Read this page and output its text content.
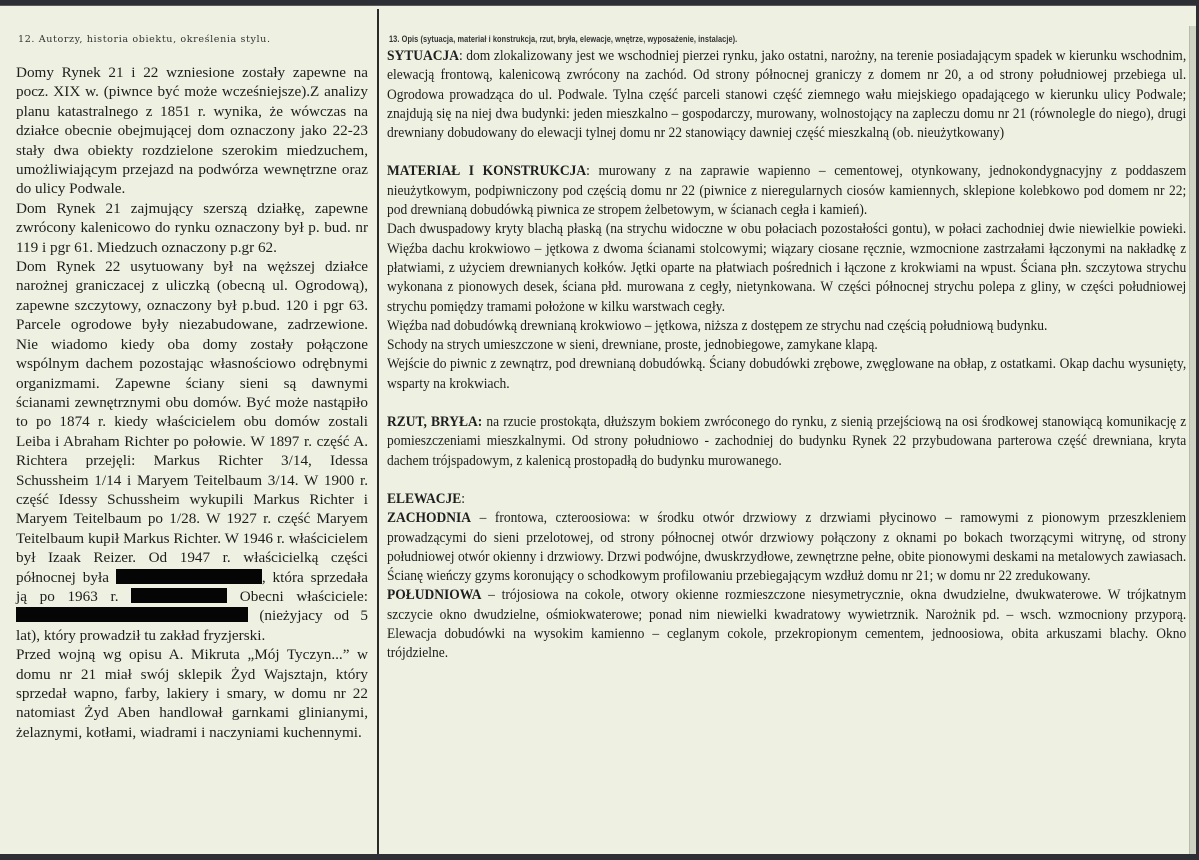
12. Autorzy, historia obiektu, określenia stylu.

Domy Rynek 21 i 22 wzniesione zostały zapewne na pocz. XIX w. (piwnce być może wcześniejsze).Z analizy planu katastralnego z 1851 r. wynika, że wówczas na działce obecnie obejmującej dom oznaczony jako 22-23 stały dwa obiekty rozdzielone szerokim miedzuchem, umożliwiającym przejazd na podwórza wewnętrzne oraz do ulicy Podwale.

Dom Rynek 21 zajmujący szerszą działkę, zapewne zwrócony kalenicowo do rynku oznaczony był p. bud. nr 119 i pgr 61. Miedzuch oznaczony p.gr 62.

Dom Rynek 22 usytuowany był na węższej działce narożnej graniczacej z uliczką (obecną ul. Ogrodową), zapewne szczytowy, oznaczony był p.bud. 120 i pgr 63. Parcele ogrodowe były niezabudowane, zadrzewione. Nie wiadomo kiedy oba domy zostały połączone wspólnym dachem pozostając własnościowo odrębnymi organizmami. Zapewne ściany sieni są dawnymi ścianami zewnętrznymi obu domów. Być może nastąpiło to po 1874 r. kiedy właścicielem obu domów zostali Leiba i Abraham Richter po połowie. W 1897 r. część A. Richtera przejęli: Markus Richter 3/14, Idessa Schussheim 1/14 i Maryem Teitelbaum 3/14. W 1900 r. część Idessy Schussheim wykupili Markus Richter i Maryem Teitelbaum po 1/28. W 1927 r. część Maryem Teitelbaum kupił Markus Richter. W 1946 r. właścicielem był Izaak Reizer. Od 1947 r. właścicielką części północnej była	, która sprzedała ją po 1963 r.	Obecni właściciele:  (nieżyjacy od 5 lat), który prowadził tu zakład fryzjerski.

Przed wojną wg opisu A. Mikruta „Mój Tyczyn...” w domu nr 21 miał swój sklepik Żyd Wajsztajn, który sprzedał wapno, farby, lakiery i smary, w domu nr 22 natomiast Żyd Aben handlował garnkami glinianymi, żelaznymi, kotłami, wiadrami i naczyniami kuchennymi.

13. Opis (sytuacja, materiał i konstrukcja, rzut, bryła, elewacje, wnętrze, wyposażenie, instalacje).

SYTUACJA: dom zlokalizowany jest we wschodniej pierzei rynku, jako ostatni, narożny, na terenie posiadającym spadek w kierunku wschodnim, elewacją frontową, kalenicową zwrócony na zachód. Od strony północnej graniczy z domem nr 20, a od strony południowej przebiega ul. Ogrodowa prowadząca do ul. Podwale. Tylna część parceli stanowi część ziemnego wału miejskiego opadającego w kierunku ulicy Podwale; znajdują się na niej dwa budynki: jeden mieszkalno – gospodarczy, murowany, wolnostojący na zapleczu domu nr 21 (równolegle do niego), drugi drewniany dobudowany do elewacji tylnej domu nr 22 stanowiący dawniej część mieszkalną (ob. nieużytkowany)

MATERIAŁ I KONSTRUKCJA: murowany z na zaprawie wapienno – cementowej, otynkowany, jednokondygnacyjny z poddaszem nieużytkowym, podpiwniczony pod częścią domu nr 22 (piwnice z nieregularnych ciosów kamiennych, sklepione kolebkowo pod domem nr 22; pod drewnianą dobudówką piwnica ze stropem żelbetowym, w ścianach cegła i kamień).

Dach dwuspadowy kryty blachą płaską (na strychu widoczne w obu połaciach pozostałości gontu), w połaci zachodniej dwie niewielkie powieki. Więźba dachu krokwiowo – jętkowa z dwoma ścianami stolcowymi; wiązary ciosane ręcznie, wzmocnione zastrzałami łączonymi na nakładkę z płatwiami, z użyciem drewnianych kołków. Jętki oparte na płatwiach pośrednich i łączone z krokwiami na wpust. Ściana płn. szczytowa strychu wykonana z pionowych desek, ściana płd. murowana z cegły, nietynkowana. W części północnej strychu polepa z gliny, w części południowej strychu pomiędzy tramami położone w kilku warstwach cegły.

Więźba nad dobudówką drewnianą krokwiowo – jętkowa, niższa z dostępem ze strychu nad częścią południową budynku.

Schody na strych umieszczone w sieni, drewniane, proste, jednobiegowe, zamykane klapą.

Wejście do piwnic z zewnątrz, pod drewnianą dobudówką. Ściany dobudówki zrębowe, zwęglowane na obłap, z ostatkami. Okap dachu wysunięty, wsparty na krokwiach.

RZUT, BRYŁA: na rzucie prostokąta, dłuższym bokiem zwróconego do rynku, z sienią przejściową na osi środkowej stanowiącą komunikację z pomieszczeniami mieszkalnymi. Od strony południowo - zachodniej do budynku Rynek 22 przybudowana parterowa część drewniana, kryta dachem trójspadowym, z kalenicą prostopadłą do budynku murowanego.

ELEWACJE:

ZACHODNIA – frontowa, czteroosiowa: w środku otwór drzwiowy z drzwiami płycinowo – ramowymi z pionowym przeszkleniem prowadzącymi do sieni przelotowej, od strony północnej otwór drzwiowy połączony z oknami po bokach tworzącymi witrynę, od strony południowej otwór okienny i drzwiowy. Drzwi podwójne, dwuskrzydłowe, zewnętrzne pełne, obite pionowymi deskami na metalowych zawiasach. Ścianę wieńczy gzyms koronujący o schodkowym profilowaniu przebiegającym wzdłuż domu nr 21; w domu nr 22 zredukowany.

POŁUDNIOWA – trójosiowa na cokole, otwory okienne rozmieszczone niesymetrycznie, okna dwudzielne, dwukwaterowe. W trójkatnym szczycie okno dwudzielne, ośmiokwaterowe; ponad nim niewielki kwadratowy wywietrznik. Narożnik pd. – wsch. wzmocniony przyporą. Elewacja dobudówki na wysokim kamienno – ceglanym cokole, przekropionym cementem, jednoosiowa, obita arkuszami blachy. Okno trójdzielne.
